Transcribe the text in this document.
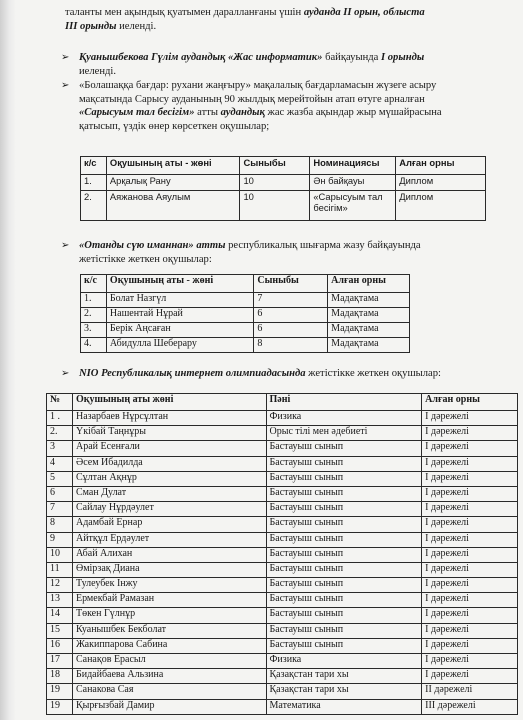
таланты мен ақындық қуатымен даралланғаны үшін ауданда II орын, облыста
III орынды иеленді.
➢ Қуанышбекова Гүлім аудандық «Жас информатик» байқауында I орынды
иеленді.
➢ «Болашаққа бағдар: рухани жаңғыру» мақалалық бағдарламасын жүзеге асыру
мақсатында Сарысу ауданының 90 жылдық мерейтойын атап өтуге арналған
«Сарысуым тал бесігім» атты аудандық жас жазба ақындар жыр мүшайрасына
қатысып, үздік өнер көрсеткен оқушылар;
к/с	Оқушының аты - жөні	Сыныбы	Номинациясы	Алған орны
1.	Арқалық Рану	10	Ән байқауы	Диплом
2.	Аяжанова Аяулым	10	«Сарысуым тал бесігім»	Диплом
➢ «Отанды сүю иманнан» атты республикалық шығарма жазу байқауында
жетістікке жеткен оқушылар:
к/с	Оқушының аты - жөні	Сыныбы	Алған орны
1.	Болат Назгүл	7	Мадақтама
2.	Нашентай Нұрай	6	Мадақтама
3.	Берік Аңсаған	6	Мадақтама
4.	Абидулла Шеберару	8	Мадақтама
➢ NIO Республикалық интернет олимпиадасында жетістікке жеткен оқушылар:
№	Оқушының аты жөні	Пәні	Алған орны
1 .	Назарбаев Нұрсұлтан	Физика	I дәрежелі
2.	Үкібай Таңнұры	Орыс тілі мен әдебиеті	I дәрежелі
3	Арай Есенғали	Бастауыш сынып	I дәрежелі
4	Әсем Ибадилда	Бастауыш сынып	I дәрежелі
5	Сұлтан Ақнұр	Бастауыш сынып	I дәрежелі
6	Сман Дулат	Бастауыш сынып	I дәрежелі
7	Сайлау Нұрдәулет	Бастауыш сынып	I дәрежелі
8	Адамбай Ернар	Бастауыш сынып	I дәрежелі
9	Айтқұл Ердәулет	Бастауыш сынып	I дәрежелі
10	Абай Алихан	Бастауыш сынып	I дәрежелі
11	Өмірзақ Диана	Бастауыш сынып	I дәрежелі
12	Тулеубек Інжу	Бастауыш сынып	I дәрежелі
13	Ермекбай Рамазан	Бастауыш сынып	I дәрежелі
14	Төкен Гүлнұр	Бастауыш сынып	I дәрежелі
15	Куанышбек Бекболат	Бастауыш сынып	I дәрежелі
16	Жакиппарова Сабина	Бастауыш сынып	I дәрежелі
17	Санақов Ерасыл	Физика	I дәрежелі
18	Бидайбаева Альзина	Қазақстан тари хы	I дәрежелі
19	Санакова Сая	Қазақстан тари хы	II дәрежелі
19	Қырғызбай Дамир	Математика	III дәрежелі
